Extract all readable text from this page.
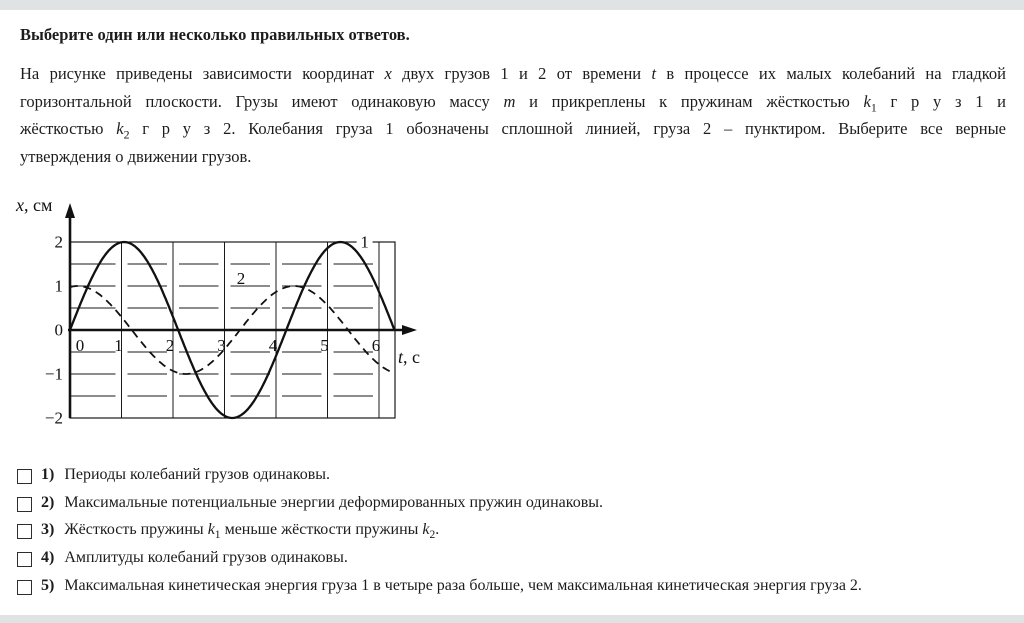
Выберите один или несколько правильных ответов.
На рисунке приведены зависимости координат x двух грузов 1 и 2 от времени t в процессе их малых колебаний на гладкой
горизонтальной плоскости. Грузы имеют одинаковую массу m и прикреплены к пружинам жёсткостью $k_1$ г р у з 1 и
жёсткостью $k_2$ г р у з 2. Колебания груза 1 обозначены сплошной линией, груза 2 – пунктиром. Выберите все верные
утверждения о движении грузов.
x, см
t, с
2
1
0
−1
−2
0 1	2	3	4	5	6
1
2
1) Периоды колебаний грузов одинаковы.
2) Максимальные потенциальные энергии деформированных пружин одинаковы.
3) Жёсткость пружины $k_1$ меньше жёсткости пружины $k_2$.
4) Амплитуды колебаний грузов одинаковы.
5) Максимальная кинетическая энергия груза 1 в четыре раза больше, чем максимальная кинетическая энергия груза 2.
